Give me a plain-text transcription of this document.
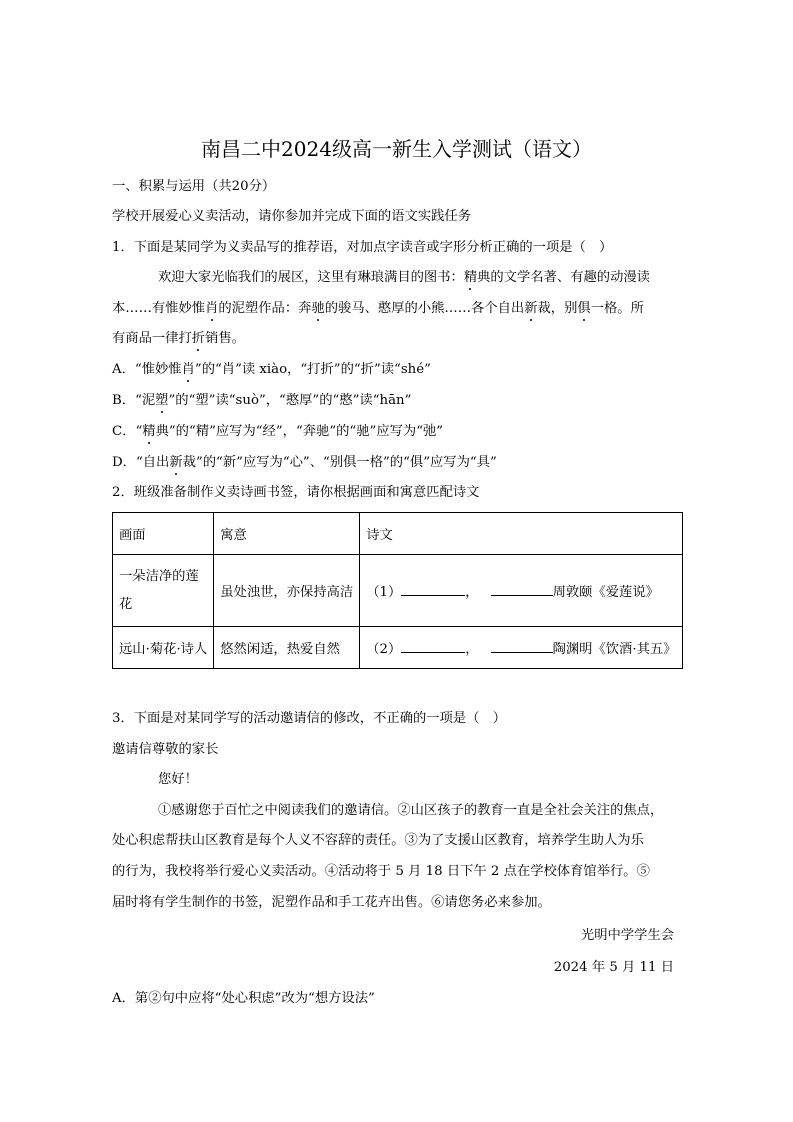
南昌二中2024级高一新生入学测试（语文）
一、积累与运用（共20分）
学校开展爱心义卖活动，请你参加并完成下面的语文实践任务
1．下面是某同学为义卖品写的推荐语，对加点字读音或字形分析正确的一项是（　）
欢迎大家光临我们的展区，这里有琳琅满目的图书：精典的文学名著、有趣的动漫读
本……有惟妙惟肖的泥塑作品：奔驰的骏马、憨厚的小熊……各个自出新裁，别俱一格。所
有商品一律打折销售。
A．“惟妙惟肖”的“肖”读 xiào，“打折”的“折”读“shé”
B．“泥塑”的“塑”读“suò”，“憨厚”的“憨”读“hān”
C．“精典”的“精”应写为“经”，“奔驰”的“驰”应写为“弛”
D．“自出新裁”的“新”应写为“心”、“别俱一格”的“俱”应写为“具”
2．班级准备制作义卖诗画书签，请你根据画面和寓意匹配诗文
画面	寓意	诗文

一朵洁净的莲
花	虽处浊世，亦保持高洁	（1） ， 周敦颐《爱莲说》
远山·菊花·诗人	悠然闲适，热爱自然	（2） ， 陶渊明《饮酒·其五》
3．下面是对某同学写的活动邀请信的修改，不正确的一项是（　）
邀请信尊敬的家长
您好！
①感谢您于百忙之中阅读我们的邀请信。②山区孩子的教育一直是全社会关注的焦点，
处心积虑帮扶山区教育是每个人义不容辞的责任。③为了支援山区教育，培养学生助人为乐
的行为，我校将举行爱心义卖活动。④活动将于 5 月 18 日下午 2 点在学校体育馆举行。⑤
届时将有学生制作的书签，泥塑作品和手工花卉出售。⑥请您务必来参加。
光明中学学生会
2024 年 5 月 11 日
A．第②句中应将“处心积虑”改为“想方设法”
